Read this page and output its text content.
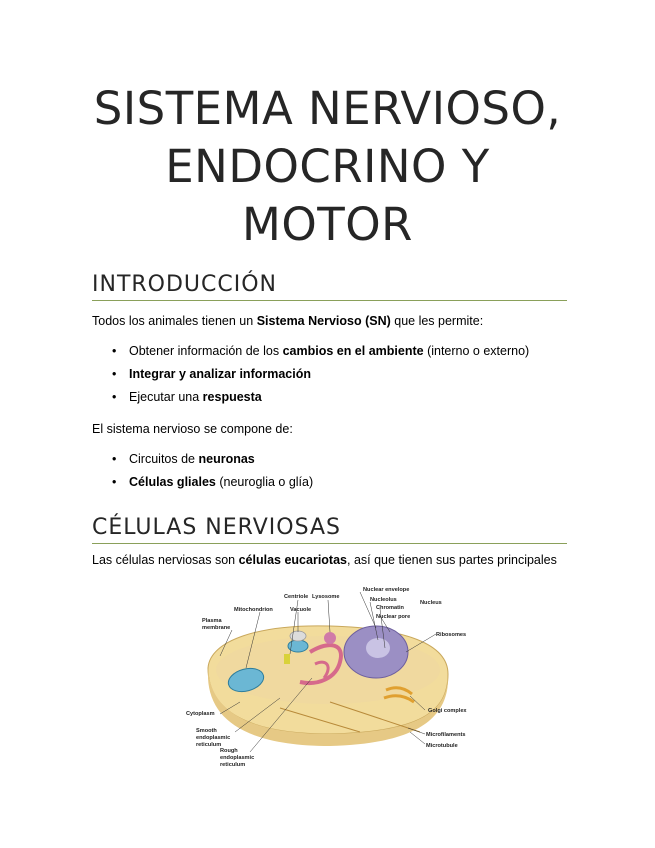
SISTEMA NERVIOSO,
ENDOCRINO Y
MOTOR
INTRODUCCIÓN

Todos los animales tienen un Sistema Nervioso (SN) que les permite:

• Obtener información de los cambios en el ambiente (interno o externo)
• Integrar y analizar información
• Ejecutar una respuesta

El sistema nervioso se compone de:

• Circuitos de neuronas
• Células gliales (neuroglia o glía)
CÉLULAS NERVIOSAS

Las células nerviosas son células eucariotas, así que tienen sus partes principales

Nuclear envelope
Nucleolus
Chromatin
Nuclear pore
Nucleus
Centriole Lysosome
Mitochondrion	Vacuole
Plasma
membrane
Ribosomes
Cytoplasm	Golgi complex
Smooth
endoplasmic
reticulum
Microfilaments
Microtubule
Rough
endoplasmic
reticulum
